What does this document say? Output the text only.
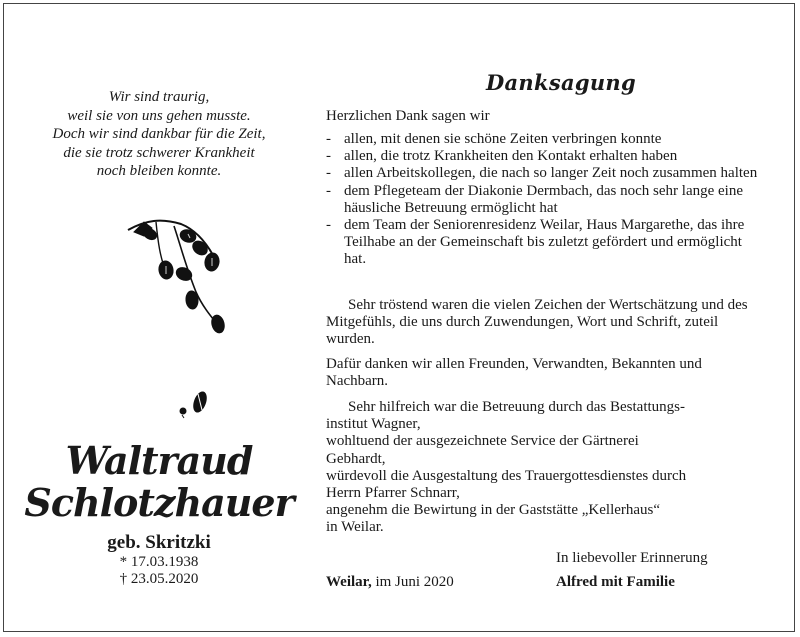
Wir sind traurig,
weil sie von uns gehen musste.
Doch wir sind dankbar für die Zeit,
die sie trotz schwerer Krankheit
noch bleiben konnte.
Waltraud
Schlotzhauer
geb. Skritzki
* 17.03.1938
† 23.05.2020
Danksagung
Herzlichen Dank sagen wir
- allen, mit denen sie schöne Zeiten verbringen konnte
- allen, die trotz Krankheiten den Kontakt erhalten haben
- allen Arbeitskollegen, die nach so langer Zeit noch zusammen halten
- dem Pflegeteam der Diakonie Dermbach, das noch sehr lange eine häusliche Betreuung ermöglicht hat
- dem Team der Seniorenresidenz Weilar, Haus Margarethe, das ihre Teilhabe an der Gemeinschaft bis zuletzt gefördert und ermöglicht hat.
Sehr tröstend waren die vielen Zeichen der Wertschätzung und des Mitgefühls, die uns durch Zuwendungen, Wort und Schrift, zuteil wurden.
Dafür danken wir allen Freunden, Verwandten, Bekannten und Nachbarn.
Sehr hilfreich war die Betreuung durch das Bestattungs-
institut Wagner,
wohltuend der ausgezeichnete Service der Gärtnerei
Gebhardt,
würdevoll die Ausgestaltung des Trauergottesdienstes durch
Herrn Pfarrer Schnarr,
angenehm die Bewirtung in der Gaststätte „Kellerhaus“
in Weilar.
Weilar, im Juni 2020
In liebevoller Erinnerung
Alfred mit Familie
